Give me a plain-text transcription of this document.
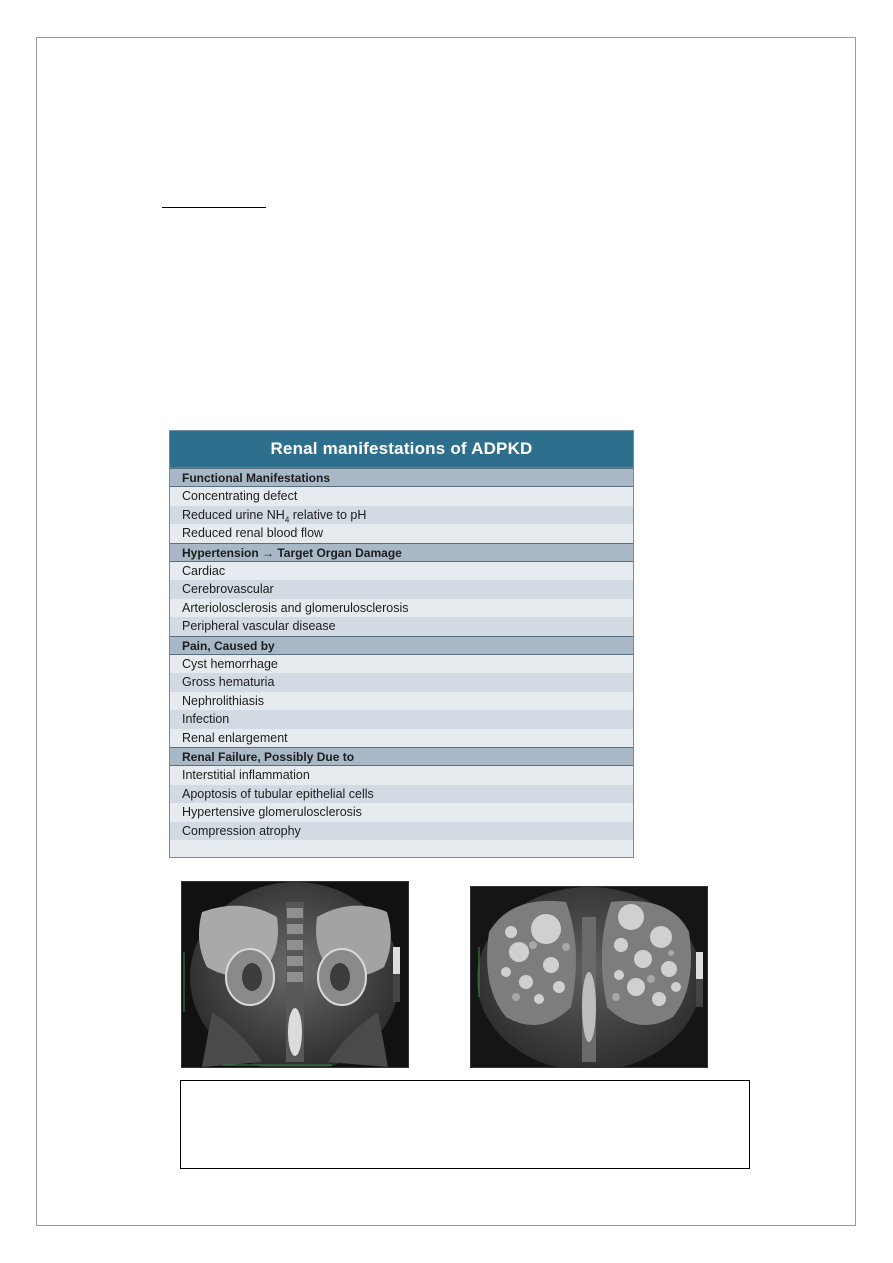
Renal manifestations of ADPKD
Functional Manifestations
Concentrating defect
Reduced urine $NH_4$ relative to pH
Reduced renal blood flow
Hypertension → Target Organ Damage
Cardiac
Cerebrovascular
Arteriolosclerosis and glomerulosclerosis
Peripheral vascular disease
Pain, Caused by
Cyst hemorrhage
Gross hematuria
Nephrolithiasis
Infection
Renal enlargement
Renal Failure, Possibly Due to
Interstitial inflammation
Apoptosis of tubular epithelial cells
Hypertensive glomerulosclerosis
Compression atrophy
